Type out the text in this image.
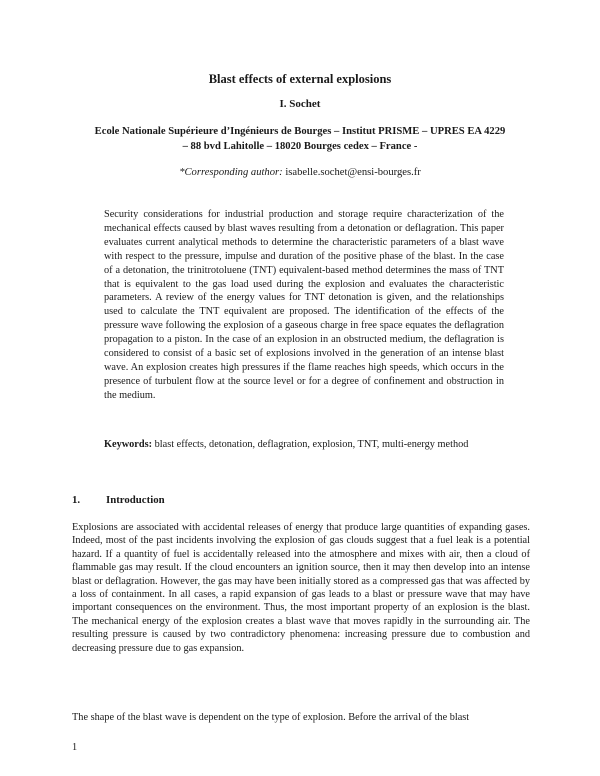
Blast effects of external explosions
I. Sochet
Ecole Nationale Supérieure d’Ingénieurs de Bourges – Institut PRISME – UPRES EA 4229
– 88 bvd Lahitolle – 18020 Bourges cedex – France -
*Corresponding author: isabelle.sochet@ensi-bourges.fr

Security considerations for industrial production and storage require characterization of the mechanical effects caused by blast waves resulting from a detonation or deflagration. This paper evaluates current analytical methods to determine the characteristic parameters of a blast wave with respect to the pressure, impulse and duration of the positive phase of the blast. In the case of a detonation, the trinitrotoluene (TNT) equivalent-based method determines the mass of TNT that is equivalent to the gas load used during the explosion and evaluates the characteristic parameters. A review of the energy values for TNT detonation is given, and the relationships used to calculate the TNT equivalent are proposed. The identification of the effects of the pressure wave following the explosion of a gaseous charge in free space equates the deflagration propagation to a piston. In the case of an explosion in an obstructed medium, the deflagration is considered to consist of a basic set of explosions involved in the generation of an intense blast wave. An explosion creates high pressures if the flame reaches high speeds, which occurs in the presence of turbulent flow at the source level or for a degree of confinement and obstruction in the medium.

Keywords: blast effects, detonation, deflagration, explosion, TNT, multi-energy method

1. Introduction

Explosions are associated with accidental releases of energy that produce large quantities of expanding gases. Indeed, most of the past incidents involving the explosion of gas clouds suggest that a fuel leak is a potential hazard. If a quantity of fuel is accidentally released into the atmosphere and mixes with air, then a cloud of flammable gas may result. If the cloud encounters an ignition source, then it may then develop into an intense blast or deflagration. However, the gas may have been initially stored as a compressed gas that was affected by a loss of containment. In all cases, a rapid expansion of gas leads to a blast or pressure wave that may have important consequences on the environment. Thus, the most important property of an explosion is the blast. The mechanical energy of the explosion creates a blast wave that moves rapidly in the surrounding air. The resulting pressure is caused by two contradictory phenomena: increasing pressure due to combustion and decreasing pressure due to gas expansion.

The shape of the blast wave is dependent on the type of explosion. Before the arrival of the blast

1
